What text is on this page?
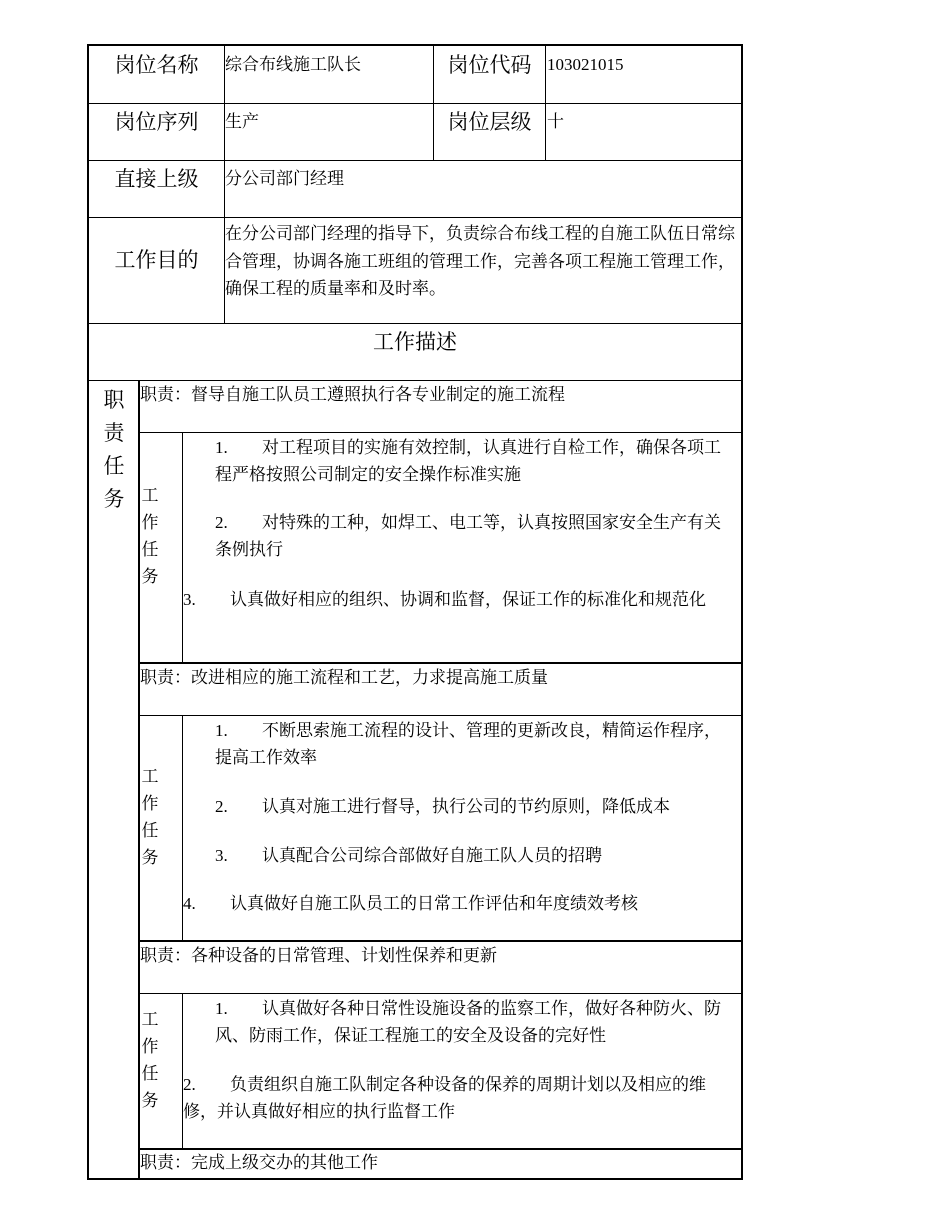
岗位名称	综合布线施工队长	岗位代码 103021015
岗位序列	生产	岗位层级 十
直接上级	分公司部门经理
工作目的
在分公司部门经理的指导下，负责综合布线工程的自施工队伍日常综合管理，协调各施工班组的管理工作，完善各项工程施工管理工作，确保工程的质量率和及时率。
工作描述
职责任务
职责：督导自施工队员工遵照执行各专业制定的施工流程
工作任务
1. 对工程项目的实施有效控制，认真进行自检工作，确保各项工程严格按照公司制定的安全操作标准实施
2. 对特殊的工种，如焊工、电工等，认真按照国家安全生产有关条例执行
3. 认真做好相应的组织、协调和监督，保证工作的标准化和规范化
职责：改进相应的施工流程和工艺，力求提高施工质量
工作任务
1. 不断思索施工流程的设计、管理的更新改良，精简运作程序，提高工作效率
2. 认真对施工进行督导，执行公司的节约原则，降低成本
3. 认真配合公司综合部做好自施工队人员的招聘
4. 认真做好自施工队员工的日常工作评估和年度绩效考核
职责：各种设备的日常管理、计划性保养和更新
工作任务
1. 认真做好各种日常性设施设备的监察工作，做好各种防火、防风、防雨工作，保证工程施工的安全及设备的完好性
2. 负责组织自施工队制定各种设备的保养的周期计划以及相应的维修，并认真做好相应的执行监督工作
职责：完成上级交办的其他工作
